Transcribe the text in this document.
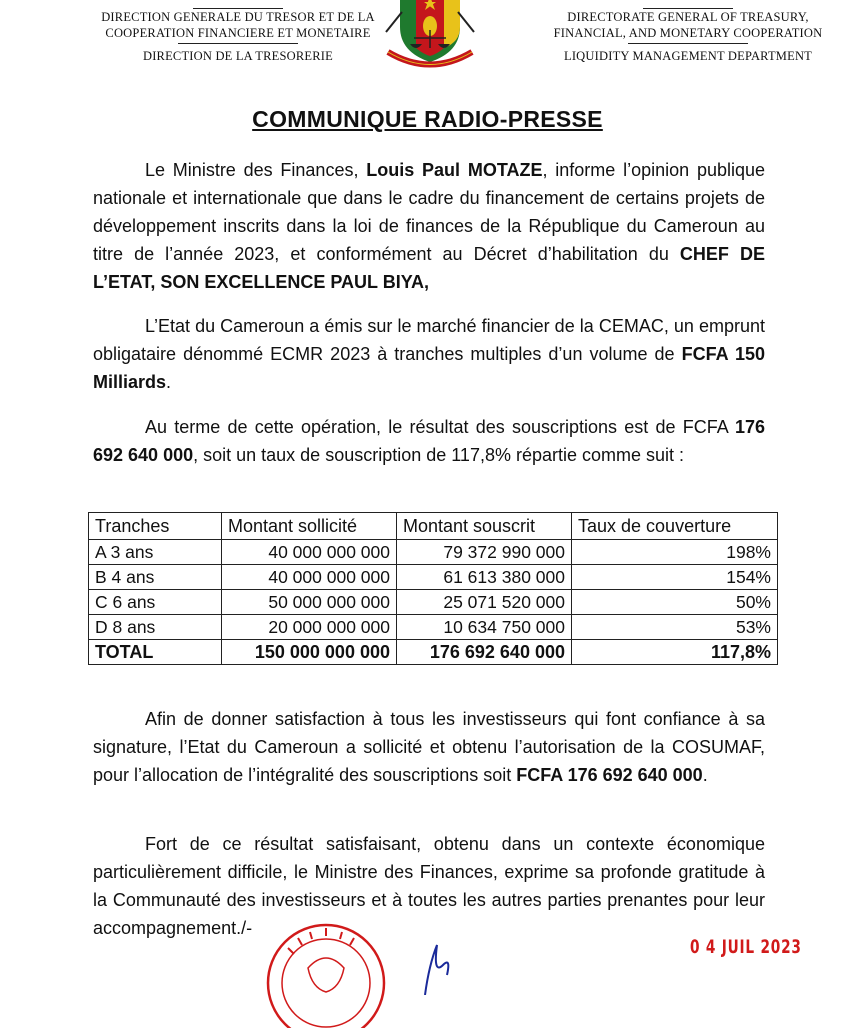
DIRECTION GENERALE DU TRESOR ET DE LA
COOPERATION FINANCIERE ET MONETAIRE
DIRECTION DE LA TRESORERIE
DIRECTORATE GENERAL OF TREASURY,
FINANCIAL, AND MONETARY COOPERATION
LIQUIDITY MANAGEMENT DEPARTMENT
COMMUNIQUE RADIO-PRESSE
Le Ministre des Finances, Louis Paul MOTAZE, informe l’opinion publique nationale et internationale que dans le cadre du financement de certains projets de développement inscrits dans la loi de finances de la République du Cameroun au titre de l’année 2023, et conformément au Décret d’habilitation du CHEF DE L’ETAT, SON EXCELLENCE PAUL BIYA,
L’Etat du Cameroun a émis sur le marché financier de la CEMAC, un emprunt obligataire dénommé ECMR 2023 à tranches multiples d’un volume de FCFA 150 Milliards.
Au terme de cette opération, le résultat des souscriptions est de FCFA 176 692 640 000, soit un taux de souscription de 117,8% répartie comme suit :
Tranches	Montant sollicité	Montant souscrit	Taux de couverture
A 3 ans	40 000 000 000	79 372 990 000	198%
B 4 ans	40 000 000 000	61 613 380 000	154%
C 6 ans	50 000 000 000	25 071 520 000	50%
D 8 ans	20 000 000 000	10 634 750 000	53%
TOTAL	150 000 000 000	176 692 640 000	117,8%
Afin de donner satisfaction à tous les investisseurs qui font confiance à sa signature, l’Etat du Cameroun a sollicité et obtenu l’autorisation de la COSUMAF, pour l’allocation de l’intégralité des souscriptions soit FCFA 176 692 640 000.
Fort de ce résultat satisfaisant, obtenu dans un contexte économique particulièrement difficile, le Ministre des Finances, exprime sa profonde gratitude à la Communauté des investisseurs et à toutes les autres parties prenantes pour leur accompagnement./-
0 4 JUIL 2023
